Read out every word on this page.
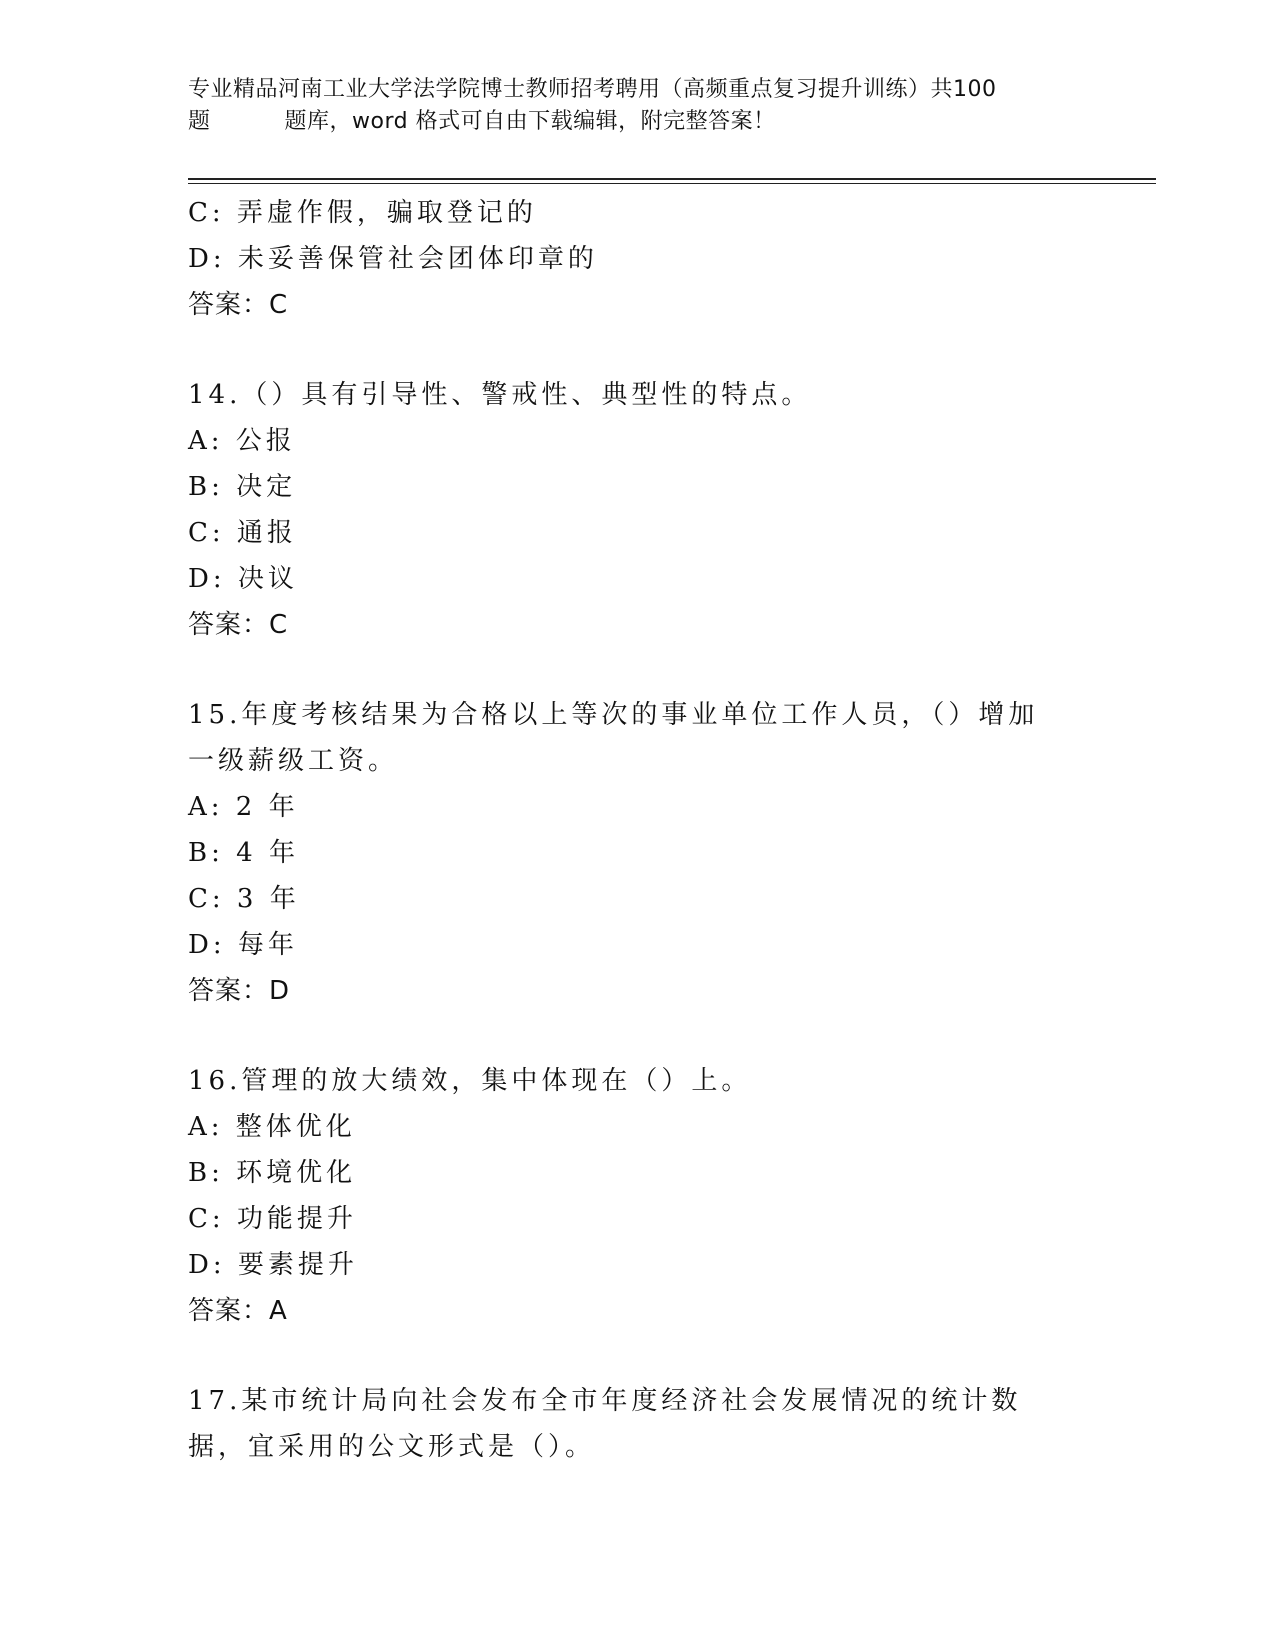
专业精品河南工业大学法学院博士教师招考聘用（高频重点复习提升训练）共100

题	题库，word 格式可自由下载编辑，附完整答案！
C: 弄虚作假，骗取登记的
D: 未妥善保管社会团体印章的
答案：C
14.（）具有引导性、警戒性、典型性的特点。
A: 公报
B: 决定
C: 通报
D: 决议
答案：C
15.年度考核结果为合格以上等次的事业单位工作人员，（）增加一级薪级工资。
A: 2 年
B: 4 年
C: 3 年
D: 每年
答案：D
16.管理的放大绩效，集中体现在（）上。
A: 整体优化
B: 环境优化
C: 功能提升
D: 要素提升
答案：A
17.某市统计局向社会发布全市年度经济社会发展情况的统计数据，宜采用的公文形式是（）。
